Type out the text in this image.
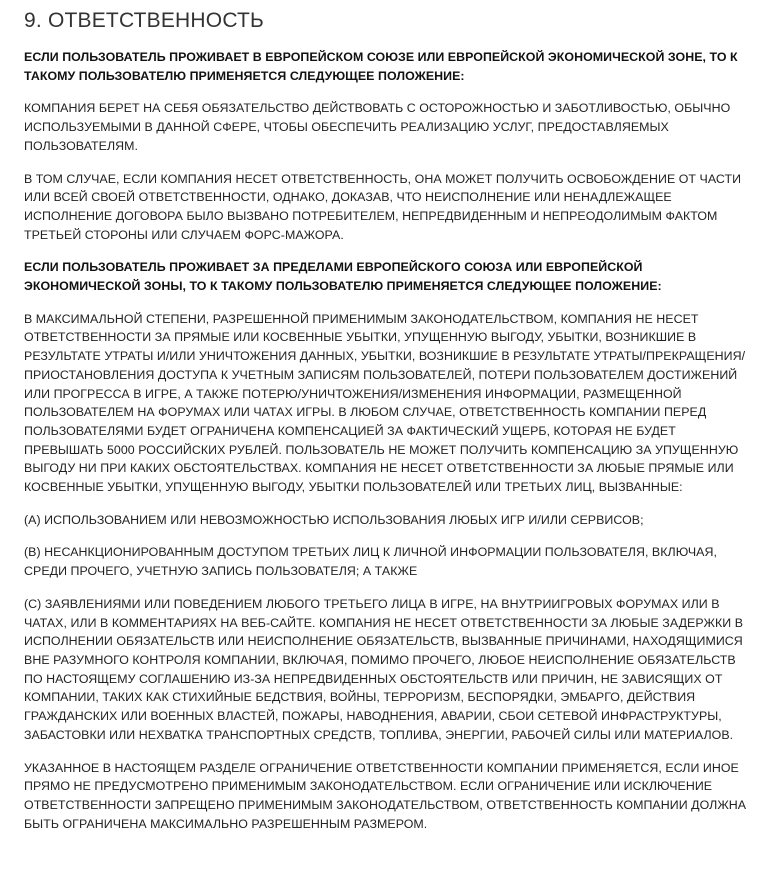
9. ОТВЕТСТВЕННОСТЬ

ЕСЛИ ПОЛЬЗОВАТЕЛЬ ПРОЖИВАЕТ В ЕВРОПЕЙСКОМ СОЮЗЕ ИЛИ ЕВРОПЕЙСКОЙ ЭКОНОМИЧЕСКОЙ ЗОНЕ, ТО К ТАКОМУ ПОЛЬЗОВАТЕЛЮ ПРИМЕНЯЕТСЯ СЛЕДУЮЩЕЕ ПОЛОЖЕНИЕ:

КОМПАНИЯ БЕРЕТ НА СЕБЯ ОБЯЗАТЕЛЬСТВО ДЕЙСТВОВАТЬ С ОСТОРОЖНОСТЬЮ И ЗАБОТЛИВОСТЬЮ, ОБЫЧНО ИСПОЛЬЗУЕМЫМИ В ДАННОЙ СФЕРЕ, ЧТОБЫ ОБЕСПЕЧИТЬ РЕАЛИЗАЦИЮ УСЛУГ, ПРЕДОСТАВЛЯЕМЫХ ПОЛЬЗОВАТЕЛЯМ.

В ТОМ СЛУЧАЕ, ЕСЛИ КОМПАНИЯ НЕСЕТ ОТВЕТСТВЕННОСТЬ, ОНА МОЖЕТ ПОЛУЧИТЬ ОСВОБОЖДЕНИЕ ОТ ЧАСТИ ИЛИ ВСЕЙ СВОЕЙ ОТВЕТСТВЕННОСТИ, ОДНАКО, ДОКАЗАВ, ЧТО НЕИСПОЛНЕНИЕ ИЛИ НЕНАДЛЕЖАЩЕЕ ИСПОЛНЕНИЕ ДОГОВОРА БЫЛО ВЫЗВАНО ПОТРЕБИТЕЛЕМ, НЕПРЕДВИДЕННЫМ И НЕПРЕОДОЛИМЫМ ФАКТОМ ТРЕТЬЕЙ СТОРОНЫ ИЛИ СЛУЧАЕМ ФОРС-МАЖОРА.

ЕСЛИ ПОЛЬЗОВАТЕЛЬ ПРОЖИВАЕТ ЗА ПРЕДЕЛАМИ ЕВРОПЕЙСКОГО СОЮЗА ИЛИ ЕВРОПЕЙСКОЙ ЭКОНОМИЧЕСКОЙ ЗОНЫ, ТО К ТАКОМУ ПОЛЬЗОВАТЕЛЮ ПРИМЕНЯЕТСЯ СЛЕДУЮЩЕЕ ПОЛОЖЕНИЕ:

В МАКСИМАЛЬНОЙ СТЕПЕНИ, РАЗРЕШЕННОЙ ПРИМЕНИМЫМ ЗАКОНОДАТЕЛЬСТВОМ, КОМПАНИЯ НЕ НЕСЕТ ОТВЕТСТВЕННОСТИ ЗА ПРЯМЫЕ ИЛИ КОСВЕННЫЕ УБЫТКИ, УПУЩЕННУЮ ВЫГОДУ, УБЫТКИ, ВОЗНИКШИЕ В РЕЗУЛЬТАТЕ УТРАТЫ И/ИЛИ УНИЧТОЖЕНИЯ ДАННЫХ, УБЫТКИ, ВОЗНИКШИЕ В РЕЗУЛЬТАТЕ УТРАТЫ/ПРЕКРАЩЕНИЯ/ПРИОСТАНОВЛЕНИЯ ДОСТУПА К УЧЕТНЫМ ЗАПИСЯМ ПОЛЬЗОВАТЕЛЕЙ, ПОТЕРИ ПОЛЬЗОВАТЕЛЕМ ДОСТИЖЕНИЙ ИЛИ ПРОГРЕССА В ИГРЕ, А ТАКЖЕ ПОТЕРЮ/УНИЧТОЖЕНИЯ/ИЗМЕНЕНИЯ ИНФОРМАЦИИ, РАЗМЕЩЕННОЙ ПОЛЬЗОВАТЕЛЕМ НА ФОРУМАХ ИЛИ ЧАТАХ ИГРЫ. В ЛЮБОМ СЛУЧАЕ, ОТВЕТСТВЕННОСТЬ КОМПАНИИ ПЕРЕД ПОЛЬЗОВАТЕЛЯМИ БУДЕТ ОГРАНИЧЕНА КОМПЕНСАЦИЕЙ ЗА ФАКТИЧЕСКИЙ УЩЕРБ, КОТОРАЯ НЕ БУДЕТ ПРЕВЫШАТЬ 5000 РОССИЙСКИХ РУБЛЕЙ. ПОЛЬЗОВАТЕЛЬ НЕ МОЖЕТ ПОЛУЧИТЬ КОМПЕНСАЦИЮ ЗА УПУЩЕННУЮ ВЫГОДУ НИ ПРИ КАКИХ ОБСТОЯТЕЛЬСТВАХ. КОМПАНИЯ НЕ НЕСЕТ ОТВЕТСТВЕННОСТИ ЗА ЛЮБЫЕ ПРЯМЫЕ ИЛИ КОСВЕННЫЕ УБЫТКИ, УПУЩЕННУЮ ВЫГОДУ, УБЫТКИ ПОЛЬЗОВАТЕЛЕЙ ИЛИ ТРЕТЬИХ ЛИЦ, ВЫЗВАННЫЕ:

(A) ИСПОЛЬЗОВАНИЕМ ИЛИ НЕВОЗМОЖНОСТЬЮ ИСПОЛЬЗОВАНИЯ ЛЮБЫХ ИГР И/ИЛИ СЕРВИСОВ;

(B) НЕСАНКЦИОНИРОВАННЫМ ДОСТУПОМ ТРЕТЬИХ ЛИЦ К ЛИЧНОЙ ИНФОРМАЦИИ ПОЛЬЗОВАТЕЛЯ, ВКЛЮЧАЯ, СРЕДИ ПРОЧЕГО, УЧЕТНУЮ ЗАПИСЬ ПОЛЬЗОВАТЕЛЯ; А ТАКЖЕ

(C) ЗАЯВЛЕНИЯМИ ИЛИ ПОВЕДЕНИЕМ ЛЮБОГО ТРЕТЬЕГО ЛИЦА В ИГРЕ, НА ВНУТРИИГРОВЫХ ФОРУМАХ ИЛИ В ЧАТАХ, ИЛИ В КОММЕНТАРИЯХ НА ВЕБ-САЙТЕ. КОМПАНИЯ НЕ НЕСЕТ ОТВЕТСТВЕННОСТИ ЗА ЛЮБЫЕ ЗАДЕРЖКИ В ИСПОЛНЕНИИ ОБЯЗАТЕЛЬСТВ ИЛИ НЕИСПОЛНЕНИЕ ОБЯЗАТЕЛЬСТВ, ВЫЗВАННЫЕ ПРИЧИНАМИ, НАХОДЯЩИМИСЯ ВНЕ РАЗУМНОГО КОНТРОЛЯ КОМПАНИИ, ВКЛЮЧАЯ, ПОМИМО ПРОЧЕГО, ЛЮБОЕ НЕИСПОЛНЕНИЕ ОБЯЗАТЕЛЬСТВ ПО НАСТОЯЩЕМУ СОГЛАШЕНИЮ ИЗ-ЗА НЕПРЕДВИДЕННЫХ ОБСТОЯТЕЛЬСТВ ИЛИ ПРИЧИН, НЕ ЗАВИСЯЩИХ ОТ КОМПАНИИ, ТАКИХ КАК СТИХИЙНЫЕ БЕДСТВИЯ, ВОЙНЫ, ТЕРРОРИЗМ, БЕСПОРЯДКИ, ЭМБАРГО, ДЕЙСТВИЯ ГРАЖДАНСКИХ ИЛИ ВОЕННЫХ ВЛАСТЕЙ, ПОЖАРЫ, НАВОДНЕНИЯ, АВАРИИ, СБОИ СЕТЕВОЙ ИНФРАСТРУКТУРЫ, ЗАБАСТОВКИ ИЛИ НЕХВАТКА ТРАНСПОРТНЫХ СРЕДСТВ, ТОПЛИВА, ЭНЕРГИИ, РАБОЧЕЙ СИЛЫ ИЛИ МАТЕРИАЛОВ.

УКАЗАННОЕ В НАСТОЯЩЕМ РАЗДЕЛЕ ОГРАНИЧЕНИЕ ОТВЕТСТВЕННОСТИ КОМПАНИИ ПРИМЕНЯЕТСЯ, ЕСЛИ ИНОЕ ПРЯМО НЕ ПРЕДУСМОТРЕНО ПРИМЕНИМЫМ ЗАКОНОДАТЕЛЬСТВОМ. ЕСЛИ ОГРАНИЧЕНИЕ ИЛИ ИСКЛЮЧЕНИЕ ОТВЕТСТВЕННОСТИ ЗАПРЕЩЕНО ПРИМЕНИМЫМ ЗАКОНОДАТЕЛЬСТВОМ, ОТВЕТСТВЕННОСТЬ КОМПАНИИ ДОЛЖНА БЫТЬ ОГРАНИЧЕНА МАКСИМАЛЬНО РАЗРЕШЕННЫМ РАЗМЕРОМ.
